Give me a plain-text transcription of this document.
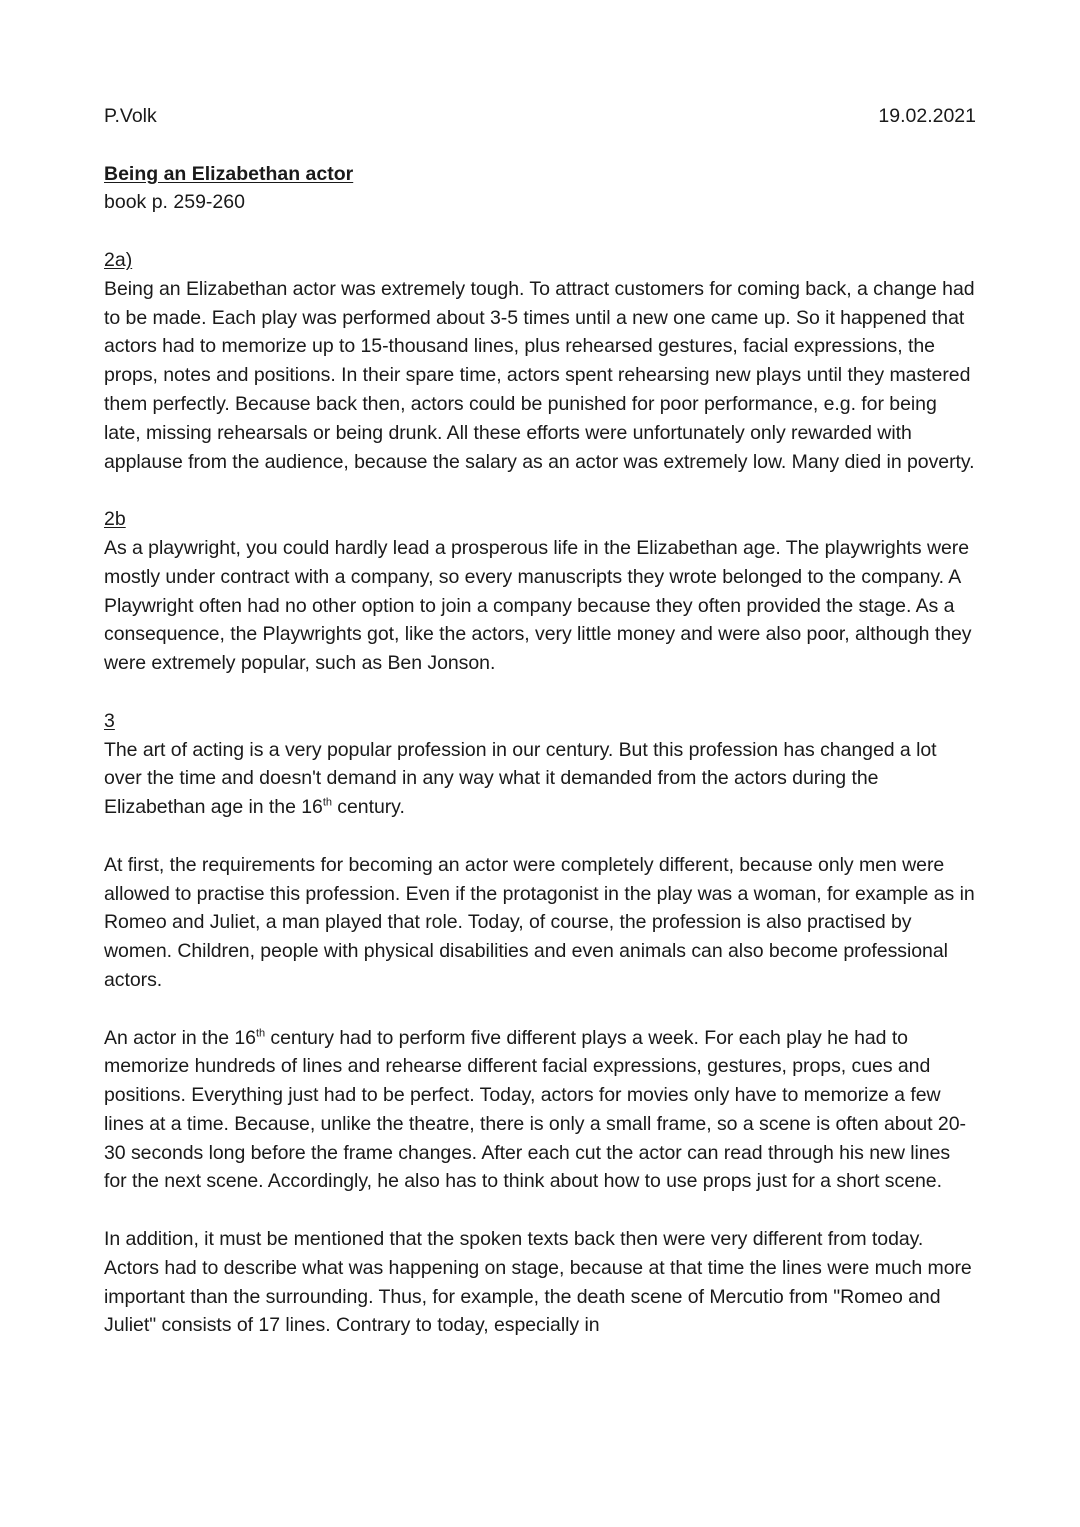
P.Volk	19.02.2021
Being an Elizabethan actor
book p. 259-260
2a)

Being an Elizabethan actor was extremely tough. To attract customers for coming back, a change had to be made. Each play was performed about 3-5 times until a new one came up. So it happened that actors had to memorize up to 15-thousand lines, plus rehearsed gestures, facial expressions, the props, notes and positions. In their spare time, actors spent rehearsing new plays until they mastered them perfectly. Because back then, actors could be punished for poor performance, e.g. for being late, missing rehearsals or being drunk. All these efforts were unfortunately only rewarded with applause from the audience, because the salary as an actor was extremely low. Many died in poverty.

2b

As a playwright, you could hardly lead a prosperous life in the Elizabethan age. The playwrights were mostly under contract with a company, so every manuscripts they wrote belonged to the company. A Playwright often had no other option to join a company because they often provided the stage. As a consequence, the Playwrights got, like the actors, very little money and were also poor, although they were extremely popular, such as Ben Jonson.

3

The art of acting is a very popular profession in our century. But this profession has changed a lot over the time and doesn't demand in any way what it demanded from the actors during the Elizabethan age in the 16th century.

At first, the requirements for becoming an actor were completely different, because only men were allowed to practise this profession. Even if the protagonist in the play was a woman, for example as in Romeo and Juliet, a man played that role. Today, of course, the profession is also practised by women. Children, people with physical disabilities and even animals can also become professional actors.

An actor in the 16th century had to perform five different plays a week. For each play he had to memorize hundreds of lines and rehearse different facial expressions, gestures, props, cues and positions. Everything just had to be perfect. Today, actors for movies only have to memorize a few lines at a time. Because, unlike the theatre, there is only a small frame, so a scene is often about 20-30 seconds long before the frame changes. After each cut the actor can read through his new lines for the next scene. Accordingly, he also has to think about how to use props just for a short scene.

In addition, it must be mentioned that the spoken texts back then were very different from today. Actors had to describe what was happening on stage, because at that time the lines were much more important than the surrounding. Thus, for example, the death scene of Mercutio from "Romeo and Juliet" consists of 17 lines. Contrary to today, especially in
